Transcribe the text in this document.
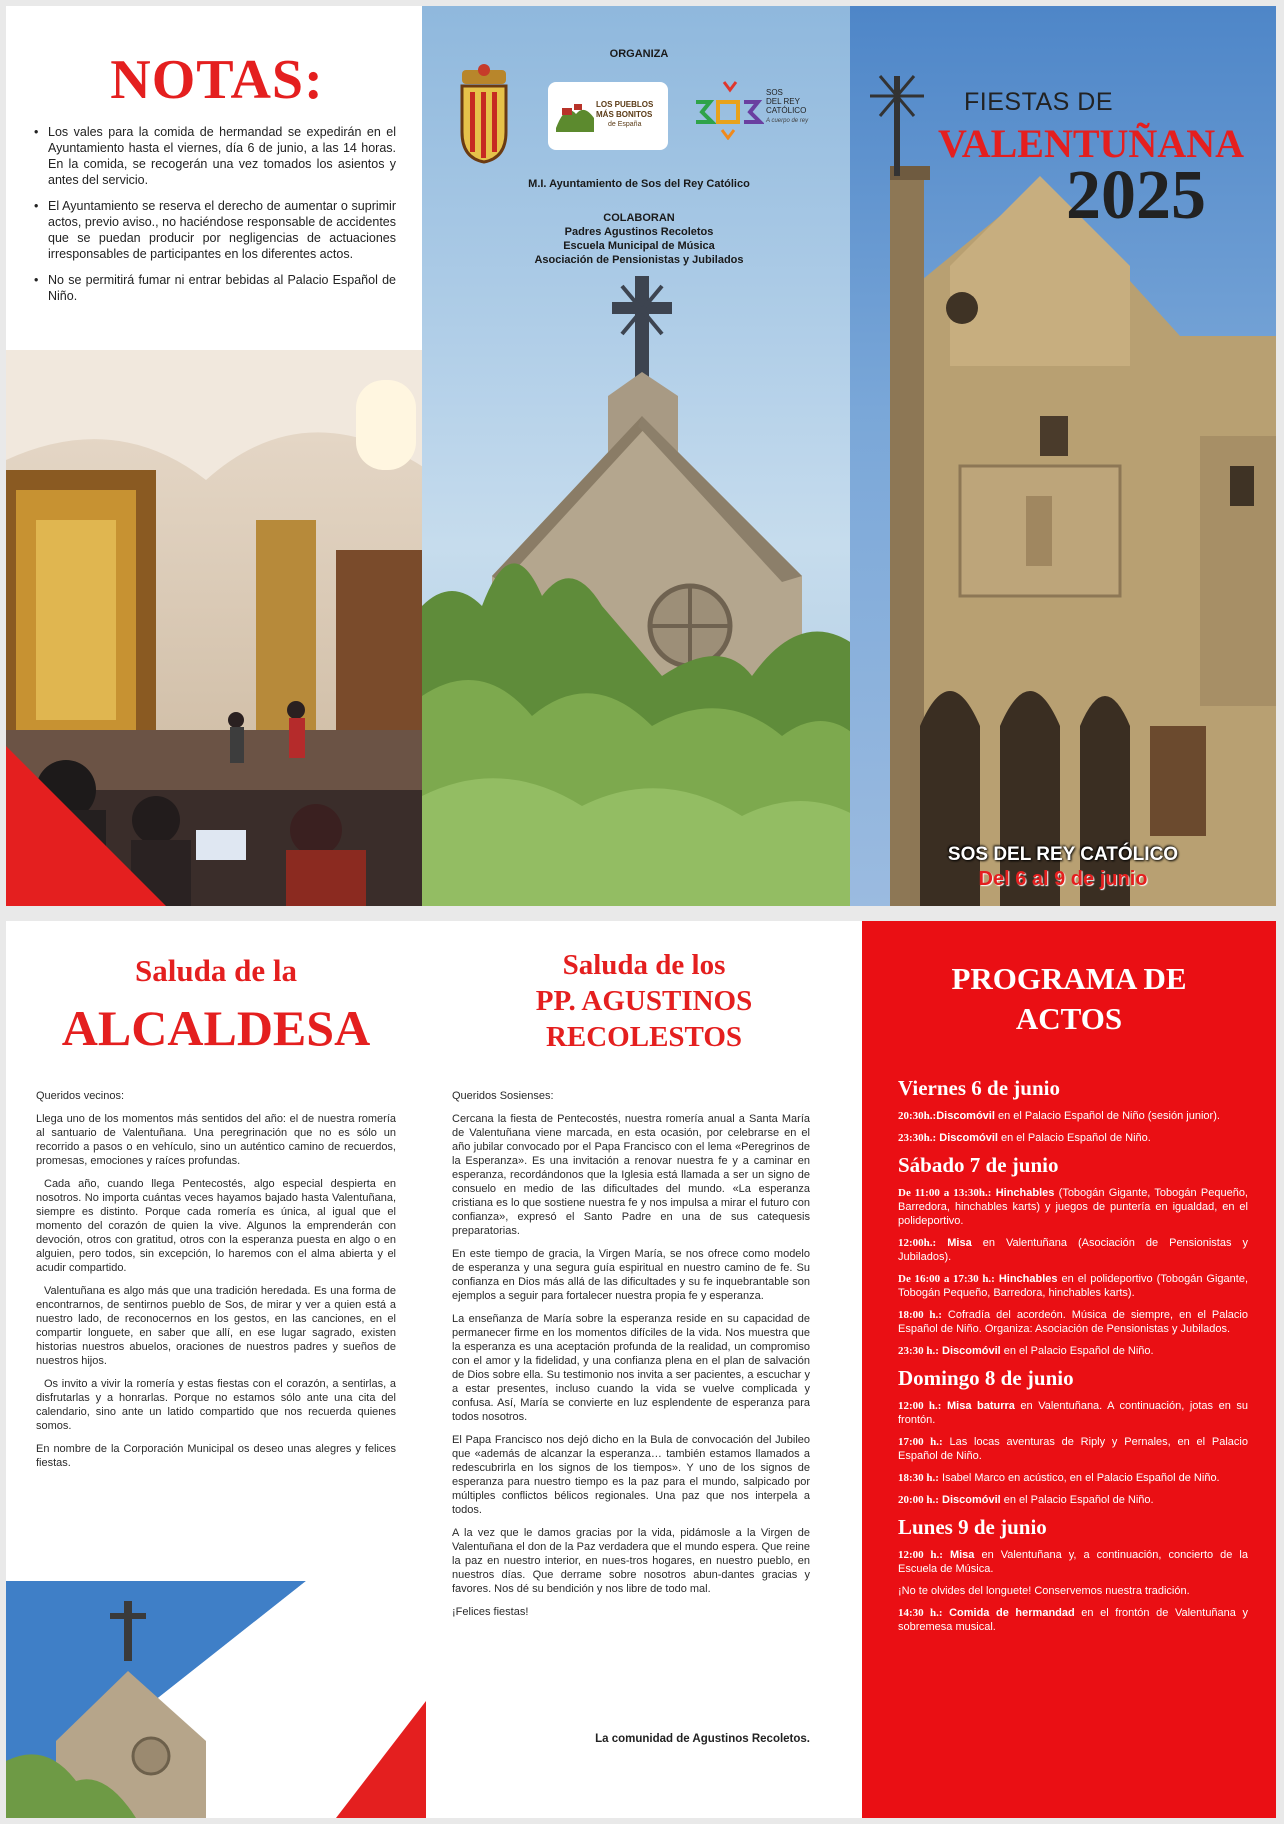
NOTAS:
• Los vales para la comida de hermandad se expedirán en el Ayuntamiento hasta el viernes, día 6 de junio, a las 14 horas. En la comida, se recogerán una vez tomados los asientos y antes del servicio.
• El Ayuntamiento se reserva el derecho de aumentar o suprimir actos, previo aviso., no haciéndose responsable de accidentes que se puedan producir por negligencias de actuaciones irresponsables de participantes en los diferentes actos.
• No se permitirá fumar ni entrar bebidas al Palacio Español de Niño.
ORGANIZA
LOS PUEBLOS
MÁS BONITOS
de España
SOS
DEL REY
CATÓLICO
A cuerpo de rey
M.I. Ayuntamiento de Sos del Rey Católico
COLABORAN
Padres Agustinos Recoletos
Escuela Municipal de Música
Asociación de Pensionistas y Jubilados
FIESTAS DE
VALENTUÑANA
2025
SOS DEL REY CATÓLICO
Del 6 al 9 de junio
Saluda de la
ALCALDESA

Queridos vecinos:

Llega uno de los momentos más sentidos del año: el de nuestra romería al santuario de Valentuñana. Una peregrinación que no es sólo un recorrido a pasos o en vehículo, sino un auténtico camino de recuerdos, promesas, emociones y raíces profundas.

Cada año, cuando llega Pentecostés, algo especial despierta en nosotros. No importa cuántas veces hayamos bajado hasta Valentuñana, siempre es distinto. Porque cada romería es única, al igual que el momento del corazón de quien la vive. Algunos la emprenderán con devoción, otros con gratitud, otros con la esperanza puesta en algo o en alguien, pero todos, sin excepción, lo haremos con el alma abierta y el acudir compartido.

Valentuñana es algo más que una tradición heredada. Es una forma de encontrarnos, de sentirnos pueblo de Sos, de mirar y ver a quien está a nuestro lado, de reconocernos en los gestos, en las canciones, en el compartir longuete, en saber que allí, en ese lugar sagrado, existen historias nuestros abuelos, oraciones de nuestros padres y sueños de nuestros hijos.

Os invito a vivir la romería y estas fiestas con el corazón, a sentirlas, a disfrutarlas y a honrarlas. Porque no estamos sólo ante una cita del calendario, sino ante un latido compartido que nos recuerda quienes somos.

En nombre de la Corporación Municipal os deseo unas alegres y felices fiestas.

Saluda de los
PP. AGUSTINOS
RECOLESTOS

Queridos Sosienses:

Cercana la fiesta de Pentecostés, nuestra romería anual a Santa María de Valentuñana viene marcada, en esta ocasión, por celebrarse en el año jubilar convocado por el Papa Francisco con el lema «Peregrinos de la Esperanza». Es una invitación a renovar nuestra fe y a caminar en esperanza, recordándonos que la Iglesia está llamada a ser un signo de consuelo en medio de las dificultades del mundo. «La esperanza cristiana es lo que sostiene nuestra fe y nos impulsa a mirar el futuro con confianza», expresó el Santo Padre en una de sus catequesis preparatorias.

En este tiempo de gracia, la Virgen María, se nos ofrece como modelo de esperanza y una segura guía espiritual en nuestro camino de fe. Su confianza en Dios más allá de las dificultades y su fe inquebrantable son ejemplos a seguir para fortalecer nuestra propia fe y esperanza.

La enseñanza de María sobre la esperanza reside en su capacidad de permanecer firme en los momentos difíciles de la vida. Nos muestra que la esperanza es una aceptación profunda de la realidad, un compromiso con el amor y la fidelidad, y una confianza plena en el plan de salvación de Dios sobre ella. Su testimonio nos invita a ser pacientes, a escuchar y a estar presentes, incluso cuando la vida se vuelve complicada y confusa. Así, María se convierte en luz esplendente de esperanza para todos nosotros.

El Papa Francisco nos dejó dicho en la Bula de convocación del Jubileo que «además de alcanzar la esperanza… también estamos llamados a redescubrirla en los signos de los tiempos». Y uno de los signos de esperanza para nuestro tiempo es la paz para el mundo, salpicado por múltiples conflictos bélicos regionales. Una paz que nos interpela a todos.

A la vez que le damos gracias por la vida, pidámosle a la Virgen de Valentuñana el don de la Paz verdadera que el mundo espera. Que reine la paz en nuestro interior, en nues-tros hogares, en nuestro pueblo, en nuestros días. Que derrame sobre nosotros abun-dantes gracias y favores. Nos dé su bendición y nos libre de todo mal.

¡Felices fiestas!

La comunidad de Agustinos Recoletos.
PROGRAMA DE
ACTOS
Viernes 6 de junio
20:30h.:Discomóvil en el Palacio Español de Niño (sesión junior).
23:30h.: Discomóvil en el Palacio Español de Niño.
Sábado 7 de junio
De 11:00 a 13:30h.: Hinchables (Tobogán Gigante, Tobogán Pequeño, Barredora, hinchables karts) y juegos de puntería en igualdad, en el polideportivo.
12:00h.: Misa en Valentuñana (Asociación de Pensionistas y Jubilados).
De 16:00 a 17:30 h.: Hinchables en el polideportivo (Tobogán Gigante, Tobogán Pequeño, Barredora, hinchables karts).
18:00 h.: Cofradía del acordeón. Música de siempre, en el Palacio Español de Niño. Organiza: Asociación de Pensionistas y Jubilados.
23:30 h.: Discomóvil en el Palacio Español de Niño.
Domingo 8 de junio
12:00 h.: Misa baturra en Valentuñana. A continuación, jotas en su frontón.
17:00 h.: Las locas aventuras de Riply y Pernales, en el Palacio Español de Niño.
18:30 h.: Isabel Marco en acústico, en el Palacio Español de Niño.
20:00 h.: Discomóvil en el Palacio Español de Niño.
Lunes 9 de junio
12:00 h.: Misa en Valentuñana y, a continuación, concierto de la Escuela de Música.
¡No te olvides del longuete! Conservemos nuestra tradición.
14:30 h.: Comida de hermandad en el frontón de Valentuñana y sobremesa musical.
